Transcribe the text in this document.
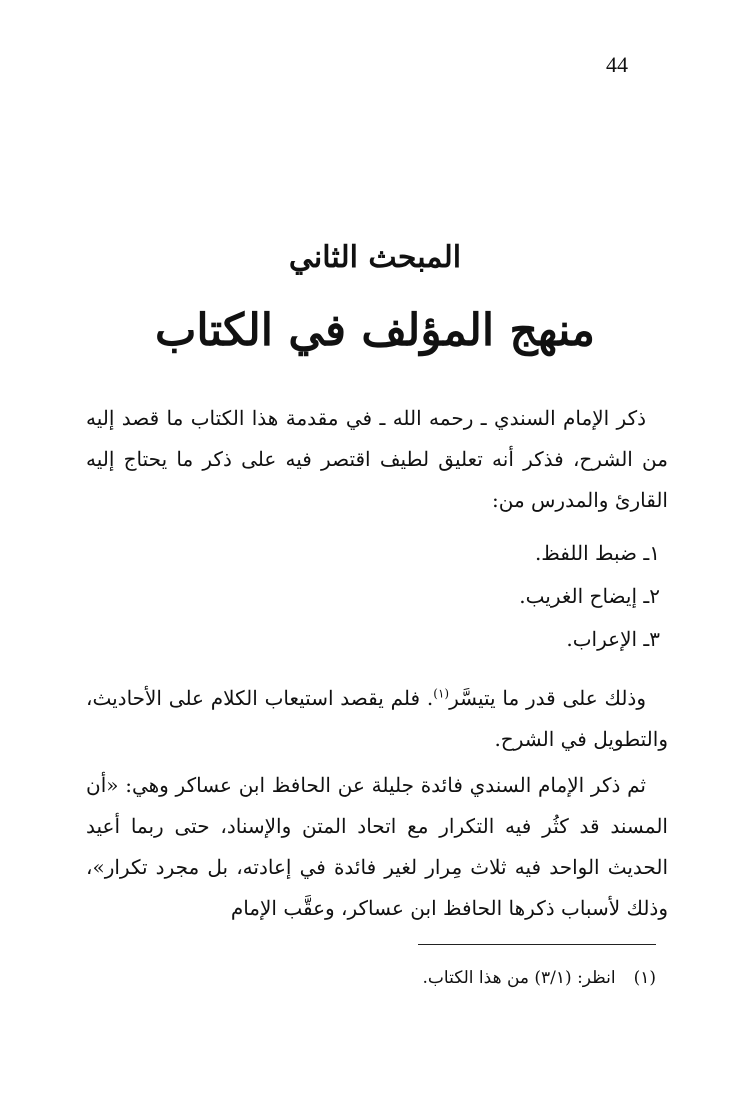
44
المبحث الثاني
منهج المؤلف في الكتاب
ذكر الإمام السندي ـ رحمه الله ـ في مقدمة هذا الكتاب ما قصد إليه من الشرح، فذكر أنه تعليق لطيف اقتصر فيه على ذكر ما يحتاج إليه القارئ والمدرس من:
١ـ ضبط اللفظ.
٢ـ إيضاح الغريب.
٣ـ الإعراب.
وذلك على قدر ما يتيسَّر$^{(١)}$. فلم يقصد استيعاب الكلام على الأحاديث، والتطويل في الشرح.
ثم ذكر الإمام السندي فائدة جليلة عن الحافظ ابن عساكر وهي: «أن المسند قد كثُر فيه التكرار مع اتحاد المتن والإسناد، حتى ربما أعيد الحديث الواحد فيه ثلاث مِرار لغير فائدة في إعادته، بل مجرد تكرار»، وذلك لأسباب ذكرها الحافظ ابن عساكر، وعقَّب الإمام
(١)انظر: (٣/١) من هذا الكتاب.
